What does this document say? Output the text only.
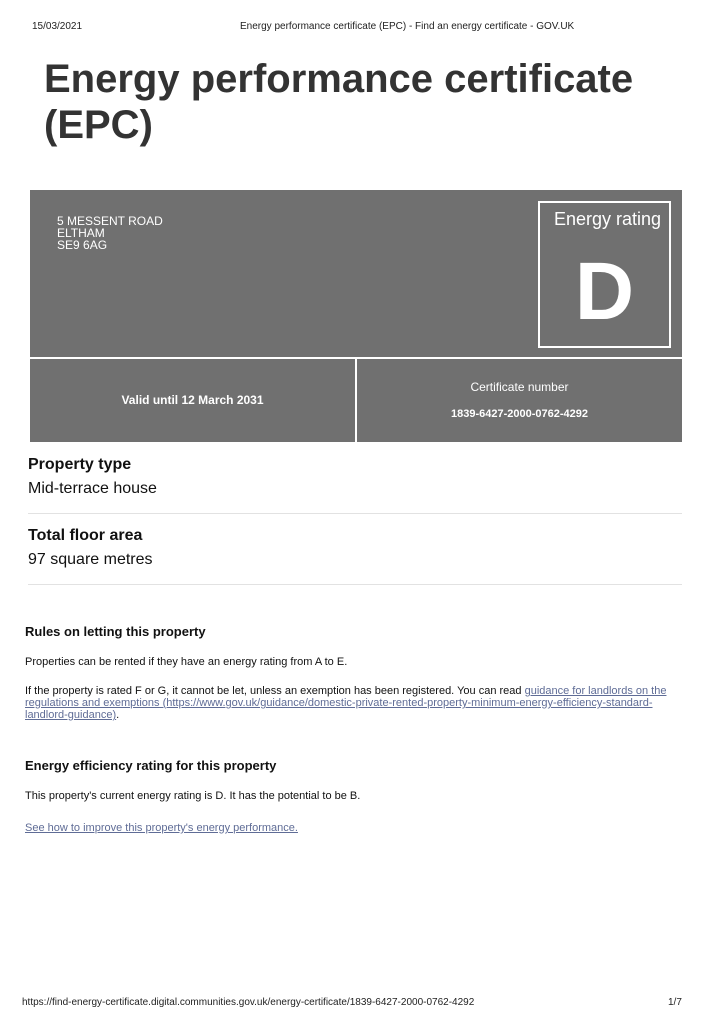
15/03/2021	Energy performance certificate (EPC) - Find an energy certificate - GOV.UK
Energy performance certificate
(EPC)
5 MESSENT ROAD
ELTHAM
SE9 6AG
Energy rating
D
Valid until 12 March 2031
Certificate number
1839-6427-2000-0762-4292
Property type
Mid-terrace house
Total floor area
97 square metres
Rules on letting this property
Properties can be rented if they have an energy rating from A to E.
If the property is rated F or G, it cannot be let, unless an exemption has been registered. You can read guidance for landlords on the regulations and exemptions (https://www.gov.uk/guidance/domestic-private-rented-property-minimum-energy-efficiency-standard-landlord-guidance).
Energy efficiency rating for this property
This property's current energy rating is D. It has the potential to be B.
See how to improve this property's energy performance.
https://find-energy-certificate.digital.communities.gov.uk/energy-certificate/1839-6427-2000-0762-4292	1/7
